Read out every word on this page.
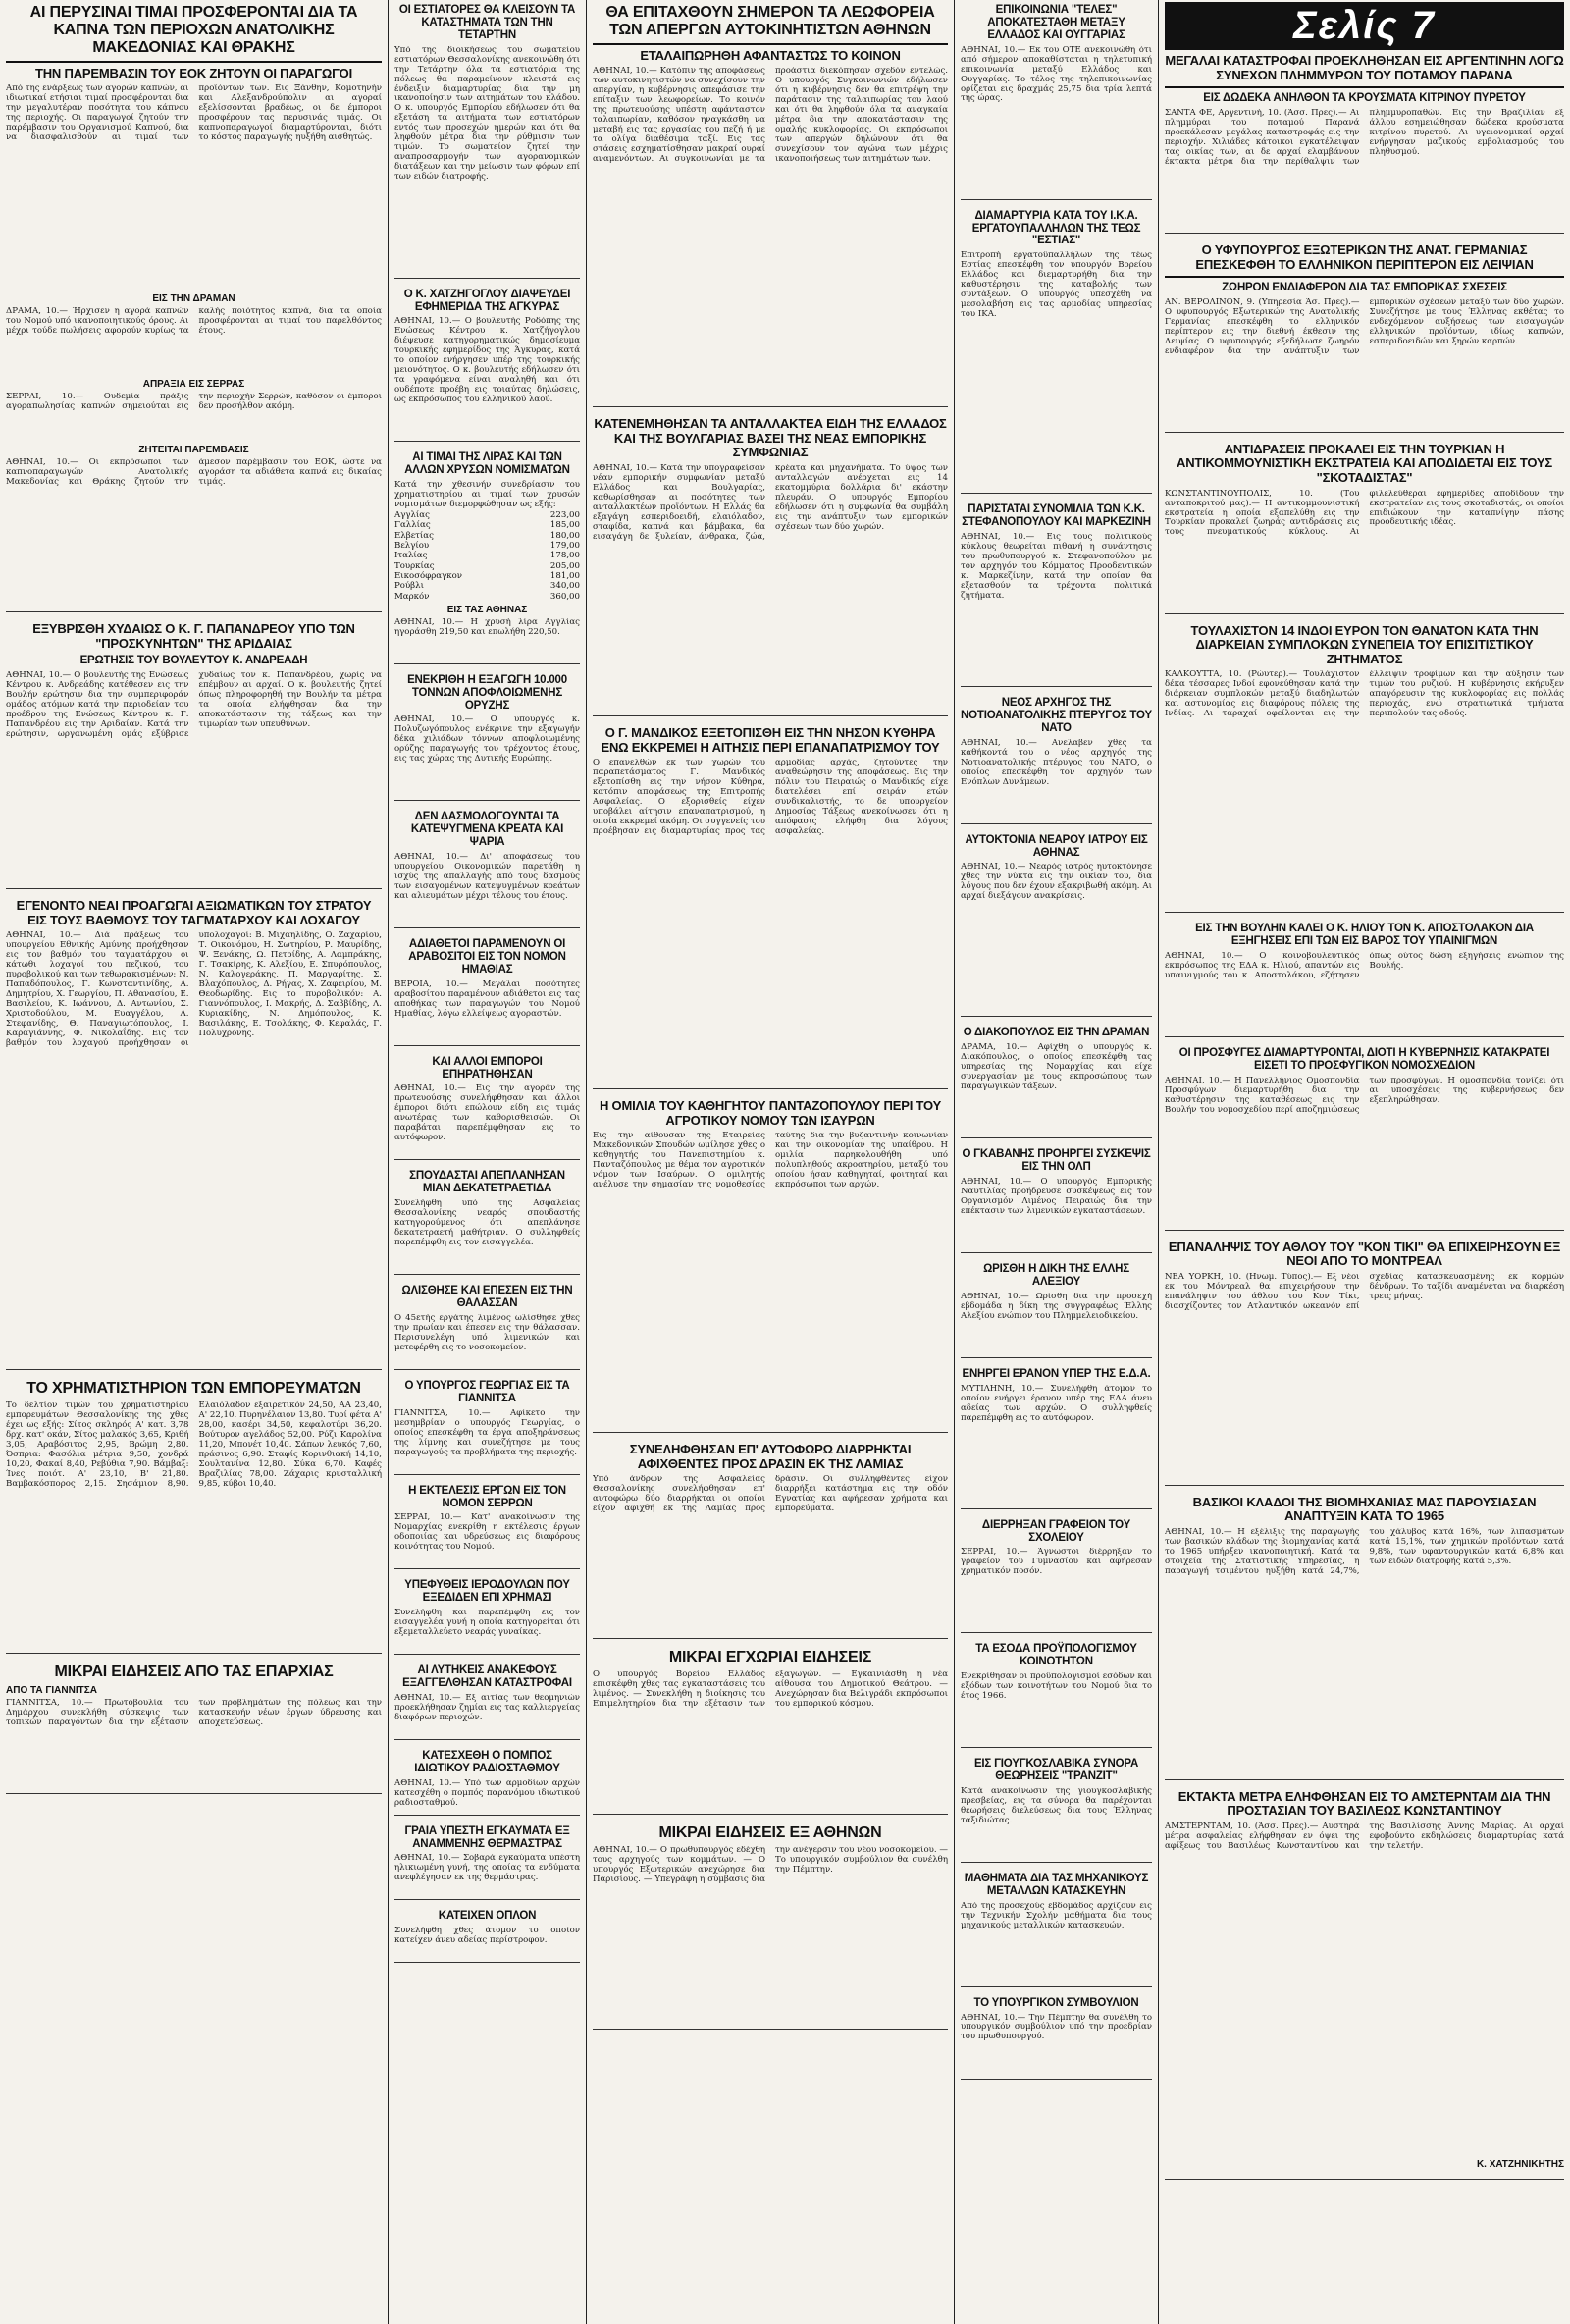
ΑΙ ΠΕΡΥΣΙΝΑΙ ΤΙΜΑΙ ΠΡΟΣΦΕΡΟΝΤΑΙ ΔΙΑ ΤΑ ΚΑΠΝΑ ΤΩΝ ΠΕΡΙΟΧΩΝ ΑΝΑΤΟΛΙΚΗΣ ΜΑΚΕΔΟΝΙΑΣ ΚΑΙ ΘΡΑΚΗΣ
ΤΗΝ ΠΑΡΕΜΒΑΣΙΝ ΤΟΥ ΕΟΚ ΖΗΤΟΥΝ ΟΙ ΠΑΡΑΓΩΓΟΙ
Από της ενάρξεως των αγορών καπνών, αι ιδιωτικαί ετήσιαι τιμαί προσφέρονται δια την μεγαλυτέραν ποσότητα του κάπνου της περιοχής. Οι παραγωγοί ζητούν την παρέμβασιν του Οργανισμού Καπνού, δια να διασφαλισθούν αι τιμαί των προϊόντων των. Εις Ξάνθην, Κομοτηνήν και Αλεξανδρούπολιν αι αγοραί εξελίσσονται βραδέως, οι δε έμποροι προσφέρουν τας περυσινάς τιμάς. Οι καπνοπαραγωγοί διαμαρτύρονται, διότι το κόστος παραγωγής ηυξήθη αισθητώς.
ΕΙΣ ΤΗΝ ΔΡΑΜΑΝ
ΔΡΑΜΑ, 10.— Ήρχισεν η αγορά καπνών του Νομού υπό ικανοποιητικούς όρους. Αι μέχρι τούδε πωλήσεις αφορούν κυρίως τα καλής ποιότητος καπνά, δια τα οποία προσφέρονται αι τιμαί του παρελθόντος έτους.
ΑΠΡΑΞΙΑ ΕΙΣ ΣΕΡΡΑΣ
ΣΕΡΡΑΙ, 10.— Ουδεμία πράξις αγοραπωλησίας καπνών σημειούται εις την περιοχήν Σερρών, καθόσον οι έμποροι δεν προσήλθον ακόμη.
ΖΗΤΕΙΤΑΙ ΠΑΡΕΜΒΑΣΙΣ
ΑΘΗΝΑΙ, 10.— Οι εκπρόσωποι των καπνοπαραγωγών Ανατολικής Μακεδονίας και Θράκης ζητούν την άμεσον παρέμβασιν του ΕΟΚ, ώστε να αγοράση τα αδιάθετα καπνά εις δικαίας τιμάς.
ΕΞΥΒΡΙΣΘΗ ΧΥΔΑΙΩΣ Ο Κ. Γ. ΠΑΠΑΝΔΡΕΟΥ ΥΠΟ ΤΩΝ "ΠΡΟΣΚΥΝΗΤΩΝ" ΤΗΣ ΑΡΙΔΑΙΑΣ
ΕΡΩΤΗΣΙΣ ΤΟΥ ΒΟΥΛΕΥΤΟΥ Κ. ΑΝΔΡΕΑΔΗ
ΑΘΗΝΑΙ, 10.— Ο βουλευτής της Ενώσεως Κέντρου κ. Ανδρεάδης κατέθεσεν εις την Βουλήν ερώτησιν δια την συμπεριφοράν ομάδος ατόμων κατά την περιοδείαν του προέδρου της Ενώσεως Κέντρου κ. Γ. Παπανδρέου εις την Αριδαίαν. Κατά την ερώτησιν, ωργανωμένη ομάς εξύβρισε χυδαίως τον κ. Παπανδρέου, χωρίς να επέμβουν αι αρχαί. Ο κ. βουλευτής ζητεί όπως πληροφορηθή την Βουλήν τα μέτρα τα οποία ελήφθησαν δια την αποκατάστασιν της τάξεως και την τιμωρίαν των υπευθύνων.
ΕΓΕΝΟΝΤΟ ΝΕΑΙ ΠΡΟΑΓΩΓΑΙ ΑΞΙΩΜΑΤΙΚΩΝ ΤΟΥ ΣΤΡΑΤΟΥ ΕΙΣ ΤΟΥΣ ΒΑΘΜΟΥΣ ΤΟΥ ΤΑΓΜΑΤΑΡΧΟΥ ΚΑΙ ΛΟΧΑΓΟΥ
ΑΘΗΝΑΙ, 10.— Διά πράξεως του υπουργείου Εθνικής Αμύνης προήχθησαν εις τον βαθμόν του ταγματάρχου οι κάτωθι λοχαγοί του πεζικού, του πυροβολικού και των τεθωρακισμένων: Ν. Παπαδόπουλος, Γ. Κωνσταντινίδης, Α. Δημητρίου, Χ. Γεωργίου, Π. Αθανασίου, Ε. Βασιλείου, Κ. Ιωάννου, Δ. Αντωνίου, Σ. Χριστοδούλου, Μ. Ευαγγέλου, Λ. Στεφανίδης, Θ. Παναγιωτόπουλος, Ι. Καραγιάννης, Φ. Νικολαΐδης. Εις τον βαθμόν του λοχαγού προήχθησαν οι υπολοχαγοί: Β. Μιχαηλίδης, Ο. Ζαχαρίου, Τ. Οικονόμου, Η. Σωτηρίου, Ρ. Μαυρίδης, Ψ. Ξενάκης, Ω. Πετρίδης, Α. Λαμπράκης, Γ. Τσακίρης, Κ. Αλεξίου, Ε. Σπυρόπουλος, Ν. Καλογεράκης, Π. Μαργαρίτης, Σ. Βλαχόπουλος, Δ. Ρήγας, Χ. Ζαφειρίου, Μ. Θεοδωρίδης. Εις το πυροβολικόν: Α. Γιαννόπουλος, Ι. Μακρής, Δ. Σαββίδης, Λ. Κυριακίδης, Ν. Δημόπουλος, Κ. Βασιλάκης, Ε. Τσολάκης, Φ. Κεφαλάς, Γ. Πολυχρόνης.
ΤΟ ΧΡΗΜΑΤΙΣΤΗΡΙΟΝ ΤΩΝ ΕΜΠΟΡΕΥΜΑΤΩΝ
Το δελτίον τιμών του χρηματιστηρίου εμπορευμάτων Θεσσαλονίκης της χθες έχει ως εξής: Σίτος σκληρός Α' κατ. 3,78 δρχ. κατ' οκάν, Σίτος μαλακός 3,65, Κριθή 3,05, Αραβόσιτος 2,95, Βρώμη 2,80. Όσπρια: Φασόλια μέτρια 9,50, χονδρά 10,20, Φακαί 8,40, Ρεβύθια 7,90. Βάμβαξ: Ίνες ποιότ. Α' 23,10, Β' 21,80. Βαμβακόσπορος 2,15. Σησάμιον 8,90. Ελαιόλαδον εξαιρετικόν 24,50, ΑΑ 23,40, Α' 22,10. Πυρηνέλαιον 13,80. Τυρί φέτα Α' 28,00, κασέρι 34,50, κεφαλοτύρι 36,20. Βούτυρον αγελάδος 52,00. Ρύζι Καρολίνα 11,20, Μπονέτ 10,40. Σάπων λευκός 7,60, πράσινος 6,90. Σταφίς Κορινθιακή 14,10, Σουλτανίνα 12,80. Σύκα 6,70. Καφές Βραζιλίας 78,00. Ζάχαρις κρυσταλλική 9,85, κύβοι 10,40.
ΜΙΚΡΑΙ ΕΙΔΗΣΕΙΣ ΑΠΟ ΤΑΣ ΕΠΑΡΧΙΑΣ
ΑΠΟ ΤΑ ΓΙΑΝΝΙΤΣΑ
ΓΙΑΝΝΙΤΣΑ, 10.— Πρωτοβουλία του Δημάρχου συνεκλήθη σύσκεψις των τοπικών παραγόντων δια την εξέτασιν των προβλημάτων της πόλεως και την κατασκευήν νέων έργων ύδρευσης και αποχετεύσεως.
ΟΙ ΕΣΤΙΑΤΟΡΕΣ ΘΑ ΚΛΕΙΣΟΥΝ ΤΑ ΚΑΤΑΣΤΗΜΑΤΑ ΤΩΝ ΤΗΝ ΤΕΤΑΡΤΗΝ
Υπό της διοικήσεως του σωματείου εστιατόρων Θεσσαλονίκης ανεκοινώθη ότι την Τετάρτην όλα τα εστιατόρια της πόλεως θα παραμείνουν κλειστά εις ένδειξιν διαμαρτυρίας δια την μη ικανοποίησιν των αιτημάτων του κλάδου. Ο κ. υπουργός Εμπορίου εδήλωσεν ότι θα εξετάση τα αιτήματα των εστιατόρων εντός των προσεχών ημερών και ότι θα ληφθούν μέτρα δια την ρύθμισιν των τιμών. Το σωματείον ζητεί την αναπροσαρμογήν των αγορανομικών διατάξεων και την μείωσιν των φόρων επί των ειδών διατροφής.
Ο Κ. ΧΑΤΖΗΓΟΓΛΟΥ ΔΙΑΨΕΥΔΕΙ ΕΦΗΜΕΡΙΔΑ ΤΗΣ ΑΓΚΥΡΑΣ
ΑΘΗΝΑΙ, 10.— Ο βουλευτής Ροδόπης της Ενώσεως Κέντρου κ. Χατζήγογλου διέψευσε κατηγορηματικώς δημοσίευμα τουρκικής εφημερίδος της Άγκυρας, κατά το οποίον ενήργησεν υπέρ της τουρκικής μειονότητος. Ο κ. βουλευτής εδήλωσεν ότι τα γραφόμενα είναι αναληθή και ότι ουδέποτε προέβη εις τοιαύτας δηλώσεις, ως εκπρόσωπος του ελληνικού λαού.
ΑΙ ΤΙΜΑΙ ΤΗΣ ΛΙΡΑΣ ΚΑΙ ΤΩΝ ΑΛΛΩΝ ΧΡΥΣΩΝ ΝΟΜΙΣΜΑΤΩΝ
Κατά την χθεσινήν συνεδρίασιν του χρηματιστηρίου αι τιμαί των χρυσών νομισμάτων διεμορφώθησαν ως εξής:
Αγγλίας	223,00
Γαλλίας	185,00
Ελβετίας	180,00
Βελγίου	179,00
Ιταλίας	178,00
Τουρκίας	205,00
Εικοσόφραγκον	181,00
Ρούβλι	340,00
Μαρκόν	360,00
ΕΙΣ ΤΑΣ ΑΘΗΝΑΣ
ΑΘΗΝΑΙ, 10.— Η χρυσή λίρα Αγγλίας ηγοράσθη 219,50 και επωλήθη 220,50.
ΕΝΕΚΡΙΘΗ Η ΕΞΑΓΩΓΗ 10.000 ΤΟΝΝΩΝ ΑΠΟΦΛΟΙΩΜΕΝΗΣ ΟΡΥΖΗΣ
ΑΘΗΝΑΙ, 10.— Ο υπουργός κ. Πολυζωγόπουλος ενέκρινε την εξαγωγήν δέκα χιλιάδων τόννων αποφλοιωμένης ορύζης παραγωγής του τρέχοντος έτους, εις τας χώρας της Δυτικής Ευρώπης.
ΔΕΝ ΔΑΣΜΟΛΟΓΟΥΝΤΑΙ ΤΑ ΚΑΤΕΨΥΓΜΕΝΑ ΚΡΕΑΤΑ ΚΑΙ ΨΑΡΙΑ
ΑΘΗΝΑΙ, 10.— Δι' αποφάσεως του υπουργείου Οικονομικών παρετάθη η ισχύς της απαλλαγής από τους δασμούς των εισαγομένων κατεψυγμένων κρεάτων και αλιευμάτων μέχρι τέλους του έτους.
ΑΔΙΑΘΕΤΟΙ ΠΑΡΑΜΕΝΟΥΝ ΟΙ ΑΡΑΒΟΣΙΤΟΙ ΕΙΣ ΤΟΝ ΝΟΜΟΝ ΗΜΑΘΙΑΣ
ΒΕΡΟΙΑ, 10.— Μεγάλαι ποσότητες αραβοσίτου παραμένουν αδιάθετοι εις τας αποθήκας των παραγωγών του Νομού Ημαθίας, λόγω ελλείψεως αγοραστών.
ΚΑΙ ΑΛΛΟΙ ΕΜΠΟΡΟΙ ΕΠΗΡΑΤΗΘΗΣΑΝ
ΑΘΗΝΑΙ, 10.— Εις την αγοράν της πρωτευούσης συνελήφθησαν και άλλοι έμποροι διότι επώλουν είδη εις τιμάς ανωτέρας των καθορισθεισών. Οι παραβάται παρεπέμφθησαν εις το αυτόφωρον.
ΣΠΟΥΔΑΣΤΑΙ ΑΠΕΠΛΑΝΗΣΑΝ ΜΙΑΝ ΔΕΚΑΤΕΤΡΑΕΤΙΔΑ
Συνελήφθη υπό της Ασφαλείας Θεσσαλονίκης νεαρός σπουδαστής κατηγορούμενος ότι απεπλάνησε δεκατετραετή μαθήτριαν. Ο συλληφθείς παρεπέμφθη εις τον εισαγγελέα.
ΩΛΙΣΘΗΣΕ ΚΑΙ ΕΠΕΣΕΝ ΕΙΣ ΤΗΝ ΘΑΛΑΣΣΑΝ
Ο 45ετής εργάτης λιμένος ωλίσθησε χθες την πρωίαν και έπεσεν εις την θάλασσαν. Περισυνελέγη υπό λιμενικών και μετεφέρθη εις το νοσοκομείον.
Ο ΥΠΟΥΡΓΟΣ ΓΕΩΡΓΙΑΣ ΕΙΣ ΤΑ ΓΙΑΝΝΙΤΣΑ
ΓΙΑΝΝΙΤΣΑ, 10.— Αφίκετο την μεσημβρίαν ο υπουργός Γεωργίας, ο οποίος επεσκέφθη τα έργα αποξηράνσεως της λίμνης και συνεζήτησε με τους παραγωγούς τα προβλήματα της περιοχής.
Η ΕΚΤΕΛΕΣΙΣ ΕΡΓΩΝ ΕΙΣ ΤΟΝ ΝΟΜΟΝ ΣΕΡΡΩΝ
ΣΕΡΡΑΙ, 10.— Κατ' ανακοίνωσιν της Νομαρχίας ενεκρίθη η εκτέλεσις έργων οδοποιίας και υδρεύσεως εις διαφόρους κοινότητας του Νομού.
ΥΠΕΦΥΘΕΙΣ ΙΕΡΟΔΟΥΛΩΝ ΠΟΥ ΕΞΕΔΙΔΕΝ ΕΠΙ ΧΡΗΜΑΣΙ
Συνελήφθη και παρεπέμφθη εις τον εισαγγελέα γυνή η οποία κατηγορείται ότι εξεμεταλλεύετο νεαράς γυναίκας.
ΑΙ ΛΥΤΗΚΕΙΣ ΑΝΑΚΕΦΟΥΣ ΕΞΑΓΓΕΛΘΗΣΑΝ ΚΑΤΑΣΤΡΟΦΑΙ
ΑΘΗΝΑΙ, 10.— Εξ αιτίας των θεομηνιών προεκλήθησαν ζημίαι εις τας καλλιεργείας διαφόρων περιοχών.
ΚΑΤΕΣΧΕΘΗ Ο ΠΟΜΠΟΣ ΙΔΙΩΤΙΚΟΥ ΡΑΔΙΟΣΤΑΘΜΟΥ
ΑΘΗΝΑΙ, 10.— Υπό των αρμοδίων αρχών κατεσχέθη ο πομπός παρανόμου ιδιωτικού ραδιοσταθμού.
ΓΡΑΙΑ ΥΠΕΣΤΗ ΕΓΚΑΥΜΑΤΑ ΕΞ ΑΝΑΜΜΕΝΗΣ ΘΕΡΜΑΣΤΡΑΣ
ΑΘΗΝΑΙ, 10.— Σοβαρά εγκαύματα υπέστη ηλικιωμένη γυνή, της οποίας τα ενδύματα ανεφλέγησαν εκ της θερμάστρας.
ΚΑΤΕΙΧΕΝ ΟΠΛΟΝ
Συνελήφθη χθες άτομον το οποίον κατείχεν άνευ αδείας περίστροφον.
ΘΑ ΕΠΙΤΑΧΘΟΥΝ ΣΗΜΕΡΟΝ ΤΑ ΛΕΩΦΟΡΕΙΑ ΤΩΝ ΑΠΕΡΓΩΝ ΑΥΤΟΚΙΝΗΤΙΣΤΩΝ ΑΘΗΝΩΝ
ΕΤΑΛΑΙΠΩΡΗΘΗ ΑΦΑΝΤΑΣΤΩΣ ΤΟ ΚΟΙΝΟΝ
ΑΘΗΝΑΙ, 10.— Κατόπιν της αποφάσεως των αυτοκινητιστών να συνεχίσουν την απεργίαν, η κυβέρνησις απεφάσισε την επίταξιν των λεωφορείων. Το κοινόν της πρωτευούσης υπέστη αφάνταστον ταλαιπωρίαν, καθόσον ηναγκάσθη να μεταβή εις τας εργασίας του πεζή ή με τα ολίγα διαθέσιμα ταξί. Εις τας στάσεις εσχηματίσθησαν μακραί ουραί αναμενόντων. Αι συγκοινωνίαι με τα προάστια διεκόπησαν σχεδόν εντελώς. Ο υπουργός Συγκοινωνιών εδήλωσεν ότι η κυβέρνησις δεν θα επιτρέψη την παράτασιν της ταλαιπωρίας του λαού και ότι θα ληφθούν όλα τα αναγκαία μέτρα δια την αποκατάστασιν της ομαλής κυκλοφορίας. Οι εκπρόσωποι των απεργών δηλώνουν ότι θα συνεχίσουν τον αγώνα των μέχρις ικανοποιήσεως των αιτημάτων των.
ΚΑΤΕΝΕΜΗΘΗΣΑΝ ΤΑ ΑΝΤΑΛΛΑΚΤΕΑ ΕΙΔΗ ΤΗΣ ΕΛΛΑΔΟΣ ΚΑΙ ΤΗΣ ΒΟΥΛΓΑΡΙΑΣ ΒΑΣΕΙ ΤΗΣ ΝΕΑΣ ΕΜΠΟΡΙΚΗΣ ΣΥΜΦΩΝΙΑΣ
ΑΘΗΝΑΙ, 10.— Κατά την υπογραφείσαν νέαν εμπορικήν συμφωνίαν μεταξύ Ελλάδος και Βουλγαρίας, καθωρίσθησαν αι ποσότητες των ανταλλακτέων προϊόντων. Η Ελλάς θα εξαγάγη εσπεριδοειδή, ελαιόλαδον, σταφίδα, καπνά και βάμβακα, θα εισαγάγη δε ξυλείαν, άνθρακα, ζώα, κρέατα και μηχανήματα. Το ύψος των ανταλλαγών ανέρχεται εις 14 εκατομμύρια δολλάρια δι' εκάστην πλευράν. Ο υπουργός Εμπορίου εδήλωσεν ότι η συμφωνία θα συμβάλη εις την ανάπτυξιν των εμπορικών σχέσεων των δύο χωρών.
Ο Γ. ΜΑΝΔΙΚΟΣ ΕΞΕΤΟΠΙΣΘΗ ΕΙΣ ΤΗΝ ΝΗΣΟΝ ΚΥΘΗΡΑ ΕΝΩ ΕΚΚΡΕΜΕΙ Η ΑΙΤΗΣΙΣ ΠΕΡΙ ΕΠΑΝΑΠΑΤΡΙΣΜΟΥ ΤΟΥ
Ο επανελθών εκ των χωρών του παραπετάσματος Γ. Μανδικός εξετοπίσθη εις την νήσον Κύθηρα, κατόπιν αποφάσεως της Επιτροπής Ασφαλείας. Ο εξορισθείς είχεν υποβάλει αίτησιν επαναπατρισμού, η οποία εκκρεμεί ακόμη. Οι συγγενείς του προέβησαν εις διαμαρτυρίας προς τας αρμοδίας αρχάς, ζητούντες την αναθεώρησιν της αποφάσεως. Εις την πόλιν του Πειραιώς ο Μανδικός είχε διατελέσει επί σειράν ετών συνδικαλιστής, το δε υπουργείον Δημοσίας Τάξεως ανεκοίνωσεν ότι η απόφασις ελήφθη δια λόγους ασφαλείας.
Η ΟΜΙΛΙΑ ΤΟΥ ΚΑΘΗΓΗΤΟΥ ΠΑΝΤΑΖΟΠΟΥΛΟΥ ΠΕΡΙ ΤΟΥ ΑΓΡΟΤΙΚΟΥ ΝΟΜΟΥ ΤΩΝ ΙΣΑΥΡΩΝ
Εις την αίθουσαν της Εταιρείας Μακεδονικών Σπουδών ωμίλησε χθες ο καθηγητής του Πανεπιστημίου κ. Πανταζόπουλος με θέμα τον αγροτικόν νόμον των Ισαύρων. Ο ομιλητής ανέλυσε την σημασίαν της νομοθεσίας ταύτης δια την βυζαντινήν κοινωνίαν και την οικονομίαν της υπαίθρου. Η ομιλία παρηκολουθήθη υπό πολυπληθούς ακροατηρίου, μεταξύ του οποίου ήσαν καθηγηταί, φοιτηταί και εκπρόσωποι των αρχών.
ΣΥΝΕΛΗΦΘΗΣΑΝ ΕΠ' ΑΥΤΟΦΩΡΩ ΔΙΑΡΡΗΚΤΑΙ ΑΦΙΧΘΕΝΤΕΣ ΠΡΟΣ ΔΡΑΣΙΝ ΕΚ ΤΗΣ ΛΑΜΙΑΣ
Υπό άνδρών της Ασφαλείας Θεσσαλονίκης συνελήφθησαν επ' αυτοφώρω δύο διαρρήκται οι οποίοι είχον αφιχθή εκ της Λαμίας προς δράσιν. Οι συλληφθέντες είχον διαρρήξει κατάστημα εις την οδόν Εγνατίας και αφήρεσαν χρήματα και εμπορεύματα.
ΜΙΚΡΑΙ ΕΓΧΩΡΙΑΙ ΕΙΔΗΣΕΙΣ
Ο υπουργός Βορείου Ελλάδος επισκέφθη χθες τας εγκαταστάσεις του λιμένος. — Συνεκλήθη η διοίκησις του Επιμελητηρίου δια την εξέτασιν των εξαγωγών. — Εγκαινιάσθη η νέα αίθουσα του Δημοτικού Θεάτρου. — Ανεχώρησαν δια Βελιγράδι εκπρόσωποι του εμπορικού κόσμου.
ΜΙΚΡΑΙ ΕΙΔΗΣΕΙΣ ΕΞ ΑΘΗΝΩΝ
ΑΘΗΝΑΙ, 10.— Ο πρωθυπουργός εδέχθη τους αρχηγούς των κομμάτων. — Ο υπουργός Εξωτερικών ανεχώρησε δια Παρισίους. — Υπεγράφη η σύμβασις δια την ανέγερσιν του νέου νοσοκομείου. — Το υπουργικόν συμβούλιον θα συνέλθη την Πέμπτην.
ΕΠΙΚΟΙΝΩΝΙΑ "ΤΕΛΕΣ" ΑΠΟΚΑΤΕΣΤΑΘΗ ΜΕΤΑΞΥ ΕΛΛΑΔΟΣ ΚΑΙ ΟΥΓΓΑΡΙΑΣ
ΑΘΗΝΑΙ, 10.— Εκ του ΟΤΕ ανεκοινώθη ότι από σήμερον αποκαθίσταται η τηλετυπική επικοινωνία μεταξύ Ελλάδος και Ουγγαρίας. Το τέλος της τηλεπικοινωνίας ορίζεται εις δραχμάς 25,75 δια τρία λεπτά της ώρας.
ΔΙΑΜΑΡΤΥΡΙΑ ΚΑΤΑ ΤΟΥ Ι.Κ.Α. ΕΡΓΑΤΟΥΠΑΛΛΗΛΩΝ ΤΗΣ ΤΕΩΣ "ΕΣΤΙΑΣ"
Επιτροπή εργατοϋπαλλήλων της τέως Εστίας επεσκέφθη τον υπουργόν Βορείου Ελλάδος και διεμαρτυρήθη δια την καθυστέρησιν της καταβολής των συντάξεων. Ο υπουργός υπεσχέθη να μεσολαβήση εις τας αρμοδίας υπηρεσίας του ΙΚΑ.
ΠΑΡΙΣΤΑΤΑΙ ΣΥΝΟΜΙΛΙΑ ΤΩΝ Κ.Κ. ΣΤΕΦΑΝΟΠΟΥΛΟΥ ΚΑΙ ΜΑΡΚΕΖΙΝΗ
ΑΘΗΝΑΙ, 10.— Εις τους πολιτικούς κύκλους θεωρείται πιθανή η συνάντησις του πρωθυπουργού κ. Στεφανοπούλου με τον αρχηγόν του Κόμματος Προοδευτικών κ. Μαρκεζίνην, κατά την οποίαν θα εξετασθούν τα τρέχοντα πολιτικά ζητήματα.
ΝΕΟΣ ΑΡΧΗΓΟΣ ΤΗΣ ΝΟΤΙΟΑΝΑΤΟΛΙΚΗΣ ΠΤΕΡΥΓΟΣ ΤΟΥ ΝΑΤΟ
ΑΘΗΝΑΙ, 10.— Ανελαβεν χθες τα καθήκοντά του ο νέος αρχηγός της Νοτιοανατολικής πτέρυγος του ΝΑΤΟ, ο οποίος επεσκέφθη τον αρχηγόν των Ενόπλων Δυνάμεων.
ΑΥΤΟΚΤΟΝΙΑ ΝΕΑΡΟΥ ΙΑΤΡΟΥ ΕΙΣ ΑΘΗΝΑΣ
ΑΘΗΝΑΙ, 10.— Νεαρός ιατρός ηυτοκτόνησε χθες την νύκτα εις την οικίαν του, δια λόγους που δεν έχουν εξακριβωθή ακόμη. Αι αρχαί διεξάγουν ανακρίσεις.
Ο ΔΙΑΚΟΠΟΥΛΟΣ ΕΙΣ ΤΗΝ ΔΡΑΜΑΝ
ΔΡΑΜΑ, 10.— Αφίχθη ο υπουργός κ. Διακόπουλος, ο οποίος επεσκέφθη τας υπηρεσίας της Νομαρχίας και είχε συνεργασίαν με τους εκπροσώπους των παραγωγικών τάξεων.
Ο ΓΚΑΒΑΝΗΣ ΠΡΟΗΡΓΕΙ ΣΥΣΚΕΨΙΣ ΕΙΣ ΤΗΝ ΟΛΠ
ΑΘΗΝΑΙ, 10.— Ο υπουργός Εμπορικής Ναυτιλίας προήδρευσε συσκέψεως εις τον Οργανισμόν Λιμένος Πειραιώς δια την επέκτασιν των λιμενικών εγκαταστάσεων.
ΩΡΙΣΘΗ Η ΔΙΚΗ ΤΗΣ ΕΛΛΗΣ ΑΛΕΞΙΟΥ
ΑΘΗΝΑΙ, 10.— Ωρίσθη δια την προσεχή εβδομάδα η δίκη της συγγραφέως Έλλης Αλεξίου ενώπιον του Πλημμελειοδικείου.
ΕΝΗΡΓΕΙ ΕΡΑΝΟΝ ΥΠΕΡ ΤΗΣ Ε.Δ.Α.
ΜΥΤΙΛΗΝΗ, 10.— Συνελήφθη άτομον το οποίον ενήργει έρανον υπέρ της ΕΔΑ άνευ αδείας των αρχών. Ο συλληφθείς παρεπέμφθη εις το αυτόφωρον.
ΔΙΕΡΡΗΞΑΝ ΓΡΑΦΕΙΟΝ ΤΟΥ ΣΧΟΛΕΙΟΥ
ΣΕΡΡΑΙ, 10.— Άγνωστοι διέρρηξαν το γραφείον του Γυμνασίου και αφήρεσαν χρηματικόν ποσόν.
ΤΑ ΕΣΟΔΑ ΠΡΟΫΠΟΛΟΓΙΣΜΟΥ ΚΟΙΝΟΤΗΤΩΝ
Ενεκρίθησαν οι προϋπολογισμοί εσόδων και εξόδων των κοινοτήτων του Νομού δια το έτος 1966.
ΕΙΣ ΓΙΟΥΓΚΟΣΛΑΒΙΚΑ ΣΥΝΟΡΑ ΘΕΩΡΗΣΕΙΣ "ΤΡΑΝΖΙΤ"
Κατά ανακοίνωσιν της γιουγκοσλαβικής πρεσβείας, εις τα σύνορα θα παρέχονται θεωρήσεις διελεύσεως δια τους Έλληνας ταξιδιώτας.
ΜΑΘΗΜΑΤΑ ΔΙΑ ΤΑΣ ΜΗΧΑΝΙΚΟΥΣ ΜΕΤΑΛΛΩΝ ΚΑΤΑΣΚΕΥΗΝ
Από της προσεχούς εβδομάδος αρχίζουν εις την Τεχνικήν Σχολήν μαθήματα δια τους μηχανικούς μεταλλικών κατασκευών.
ΤΟ ΥΠΟΥΡΓΙΚΟΝ ΣΥΜΒΟΥΛΙΟΝ
ΑΘΗΝΑΙ, 10.— Την Πέμπτην θα συνέλθη το υπουργικόν συμβούλιον υπό την προεδρίαν του πρωθυπουργού.
Σελίς 7
ΜΕΓΑΛΑΙ ΚΑΤΑΣΤΡΟΦΑΙ ΠΡΟΕΚΛΗΘΗΣΑΝ ΕΙΣ ΑΡΓΕΝΤΙΝΗΝ ΛΟΓΩ ΣΥΝΕΧΩΝ ΠΛΗΜΜΥΡΩΝ ΤΟΥ ΠΟΤΑΜΟΥ ΠΑΡΑΝΑ
ΕΙΣ ΔΩΔΕΚΑ ΑΝΗΛΘΟΝ ΤΑ ΚΡΟΥΣΜΑΤΑ ΚΙΤΡΙΝΟΥ ΠΥΡΕΤΟΥ
ΣΑΝΤΑ ΦΕ, Αργεντινή, 10. (Άσσ. Πρες).— Αι πλημμύραι του ποταμού Παρανά προεκάλεσαν μεγάλας καταστροφάς εις την περιοχήν. Χιλιάδες κάτοικοι εγκατέλειψαν τας οικίας των, αι δε αρχαί ελαμβάνουν έκτακτα μέτρα δια την περίθαλψιν των πλημμυροπαθών. Εις την Βραζιλίαν εξ άλλου εσημειώθησαν δώδεκα κρούσματα κιτρίνου πυρετού. Αι υγειονομικαί αρχαί ενήργησαν μαζικούς εμβολιασμούς του πληθυσμού.
Ο ΥΦΥΠΟΥΡΓΟΣ ΕΞΩΤΕΡΙΚΩΝ ΤΗΣ ΑΝΑΤ. ΓΕΡΜΑΝΙΑΣ ΕΠΕΣΚΕΦΘΗ ΤΟ ΕΛΛΗΝΙΚΟΝ ΠΕΡΙΠΤΕΡΟΝ ΕΙΣ ΛΕΙΨΙΑΝ
ΖΩΗΡΟΝ ΕΝΔΙΑΦΕΡΟΝ ΔΙΑ ΤΑΣ ΕΜΠΟΡΙΚΑΣ ΣΧΕΣΕΙΣ
ΑΝ. ΒΕΡΟΛΙΝΟΝ, 9. (Υπηρεσία Άσ. Πρες).— Ο υφυπουργός Εξωτερικών της Ανατολικής Γερμανίας επεσκέφθη το ελληνικόν περίπτερον εις την διεθνή έκθεσιν της Λειψίας. Ο υφυπουργός εξεδήλωσε ζωηρόν ενδιαφέρον δια την ανάπτυξιν των εμπορικών σχέσεων μεταξύ των δύο χωρών. Συνεζήτησε με τους Έλληνας εκθέτας το ενδεχόμενον αυξήσεως των εισαγωγών ελληνικών προϊόντων, ιδίως καπνών, εσπεριδοειδών και ξηρών καρπών.
ΑΝΤΙΔΡΑΣΕΙΣ ΠΡΟΚΑΛΕΙ ΕΙΣ ΤΗΝ ΤΟΥΡΚΙΑΝ Η ΑΝΤΙΚΟΜΜΟΥΝΙΣΤΙΚΗ ΕΚΣΤΡΑΤΕΙΑ ΚΑΙ ΑΠΟΔΙΔΕΤΑΙ ΕΙΣ ΤΟΥΣ "ΣΚΟΤΑΔΙΣΤΑΣ"
ΚΩΝΣΤΑΝΤΙΝΟΥΠΟΛΙΣ, 10. (Του ανταποκριτού μας).— Η αντικομμουνιστική εκστρατεία η οποία εξαπελύθη εις την Τουρκίαν προκαλεί ζωηράς αντιδράσεις εις τους πνευματικούς κύκλους. Αι φιλελεύθεραι εφημερίδες αποδίδουν την εκστρατείαν εις τους σκοταδιστάς, οι οποίοι επιδιώκουν την καταπνίγην πάσης προοδευτικής ιδέας.
ΤΟΥΛΑΧΙΣΤΟΝ 14 ΙΝΔΟΙ ΕΥΡΟΝ ΤΟΝ ΘΑΝΑΤΟΝ ΚΑΤΑ ΤΗΝ ΔΙΑΡΚΕΙΑΝ ΣΥΜΠΛΟΚΩΝ ΣΥΝΕΠΕΙΑ ΤΟΥ ΕΠΙΣΙΤΙΣΤΙΚΟΥ ΖΗΤΗΜΑΤΟΣ
ΚΑΛΚΟΥΤΤΑ, 10. (Ρώυτερ).— Τουλάχιστον δέκα τέσσαρες Ινδοί εφονεύθησαν κατά την διάρκειαν συμπλοκών μεταξύ διαδηλωτών και αστυνομίας εις διαφόρους πόλεις της Ινδίας. Αι ταραχαί οφείλονται εις την έλλειψιν τροφίμων και την αύξησιν των τιμών του ρυζιού. Η κυβέρνησις εκήρυξεν απαγόρευσιν της κυκλοφορίας εις πολλάς περιοχάς, ενώ στρατιωτικά τμήματα περιπολούν τας οδούς.
ΕΙΣ ΤΗΝ ΒΟΥΛΗΝ ΚΑΛΕΙ Ο Κ. ΗΛΙΟΥ ΤΟΝ Κ. ΑΠΟΣΤΟΛΑΚΟΝ ΔΙΑ ΕΞΗΓΗΣΕΙΣ ΕΠΙ ΤΩΝ ΕΙΣ ΒΑΡΟΣ ΤΟΥ ΥΠΑΙΝΙΓΜΩΝ
ΑΘΗΝΑΙ, 10.— Ο κοινοβουλευτικός εκπρόσωπος της ΕΔΑ κ. Ηλιού, απαντών εις υπαινιγμούς του κ. Αποστολάκου, εζήτησεν όπως ούτος δώση εξηγήσεις ενώπιον της Βουλής.
ΟΙ ΠΡΟΣΦΥΓΕΣ ΔΙΑΜΑΡΤΥΡΟΝΤΑΙ, ΔΙΟΤΙ Η ΚΥΒΕΡΝΗΣΙΣ ΚΑΤΑΚΡΑΤΕΙ ΕΙΣΕΤΙ ΤΟ ΠΡΟΣΦΥΓΙΚΟΝ ΝΟΜΟΣΧΕΔΙΟΝ
ΑΘΗΝΑΙ, 10.— Η Πανελλήνιος Ομοσπονδία Προσφύγων διεμαρτυρήθη δια την καθυστέρησιν της καταθέσεως εις την Βουλήν του νομοσχεδίου περί αποζημιώσεως των προσφύγων. Η ομοσπονδία τονίζει ότι αι υποσχέσεις της κυβερνήσεως δεν εξεπληρώθησαν.
ΕΠΑΝΑΛΗΨΙΣ ΤΟΥ ΑΘΛΟΥ ΤΟΥ "ΚΟΝ ΤΙΚΙ" ΘΑ ΕΠΙΧΕΙΡΗΣΟΥΝ ΕΞ ΝΕΟΙ ΑΠΟ ΤΟ ΜΟΝΤΡΕΑΛ
ΝΕΑ ΥΟΡΚΗ, 10. (Ηνωμ. Τύπος).— Εξ νέοι εκ του Μόντρεαλ θα επιχειρήσουν την επανάληψιν του άθλου του Κον Τίκι, διασχίζοντες τον Ατλαντικόν ωκεανόν επί σχεδίας κατασκευασμένης εκ κορμών δένδρων. Το ταξίδι αναμένεται να διαρκέση τρεις μήνας.
ΒΑΣΙΚΟΙ ΚΛΑΔΟΙ ΤΗΣ ΒΙΟΜΗΧΑΝΙΑΣ ΜΑΣ ΠΑΡΟΥΣΙΑΣΑΝ ΑΝΑΠΤΥΞΙΝ ΚΑΤΑ ΤΟ 1965
ΑΘΗΝΑΙ, 10.— Η εξέλιξις της παραγωγής των βασικών κλάδων της βιομηχανίας κατά το 1965 υπήρξεν ικανοποιητική. Κατά τα στοιχεία της Στατιστικής Υπηρεσίας, η παραγωγή τσιμέντου ηυξήθη κατά 24,7%, του χάλυβος κατά 16%, των λιπασμάτων κατά 15,1%, των χημικών προϊόντων κατά 9,8%, των υφαντουργικών κατά 6,8% και των ειδών διατροφής κατά 5,3%.
ΕΚΤΑΚΤΑ ΜΕΤΡΑ ΕΛΗΦΘΗΣΑΝ ΕΙΣ ΤΟ ΑΜΣΤΕΡΝΤΑΜ ΔΙΑ ΤΗΝ ΠΡΟΣΤΑΣΙΑΝ ΤΟΥ ΒΑΣΙΛΕΩΣ ΚΩΝΣΤΑΝΤΙΝΟΥ
ΑΜΣΤΕΡΝΤΑΜ, 10. (Άσσ. Πρες).— Αυστηρά μέτρα ασφαλείας ελήφθησαν εν όψει της αφίξεως του Βασιλέως Κωνσταντίνου και της Βασιλίσσης Άννης Μαρίας. Αι αρχαί εφοβούντο εκδηλώσεις διαμαρτυρίας κατά την τελετήν.
Κ. ΧΑΤΖΗΝΙΚΗΤΗΣ
